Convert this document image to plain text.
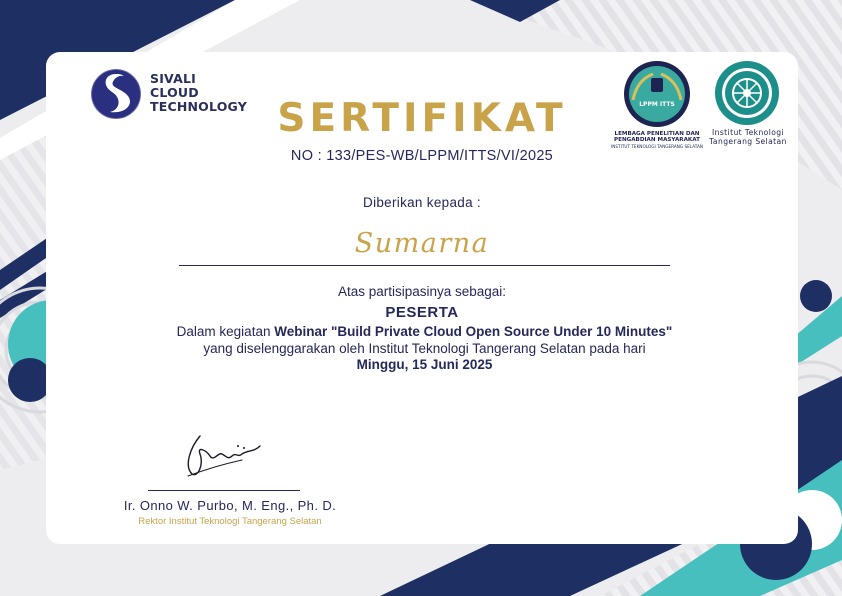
SIVALI
CLOUD
TECHNOLOGY	LPPM ITTS
LEMBAGA PENELITIAN DAN
PENGABDIAN MASYARAKAT
INSTITUT TEKNOLOGI TANGERANG SELATAN
Institut Teknologi
Tangerang Selatan
SERTIFIKAT
NO : 133/PES-WB/LPPM/ITTS/VI/2025
Diberikan kepada :
Sumarna
Atas partisipasinya sebagai:
PESERTA
Dalam kegiatan Webinar "Build Private Cloud Open Source Under 10 Minutes" yang diselenggarakan oleh Institut Teknologi Tangerang Selatan pada hari Minggu, 15 Juni 2025
Ir. Onno W. Purbo, M. Eng., Ph. D.
Rektor Institut Teknologi Tangerang Selatan
